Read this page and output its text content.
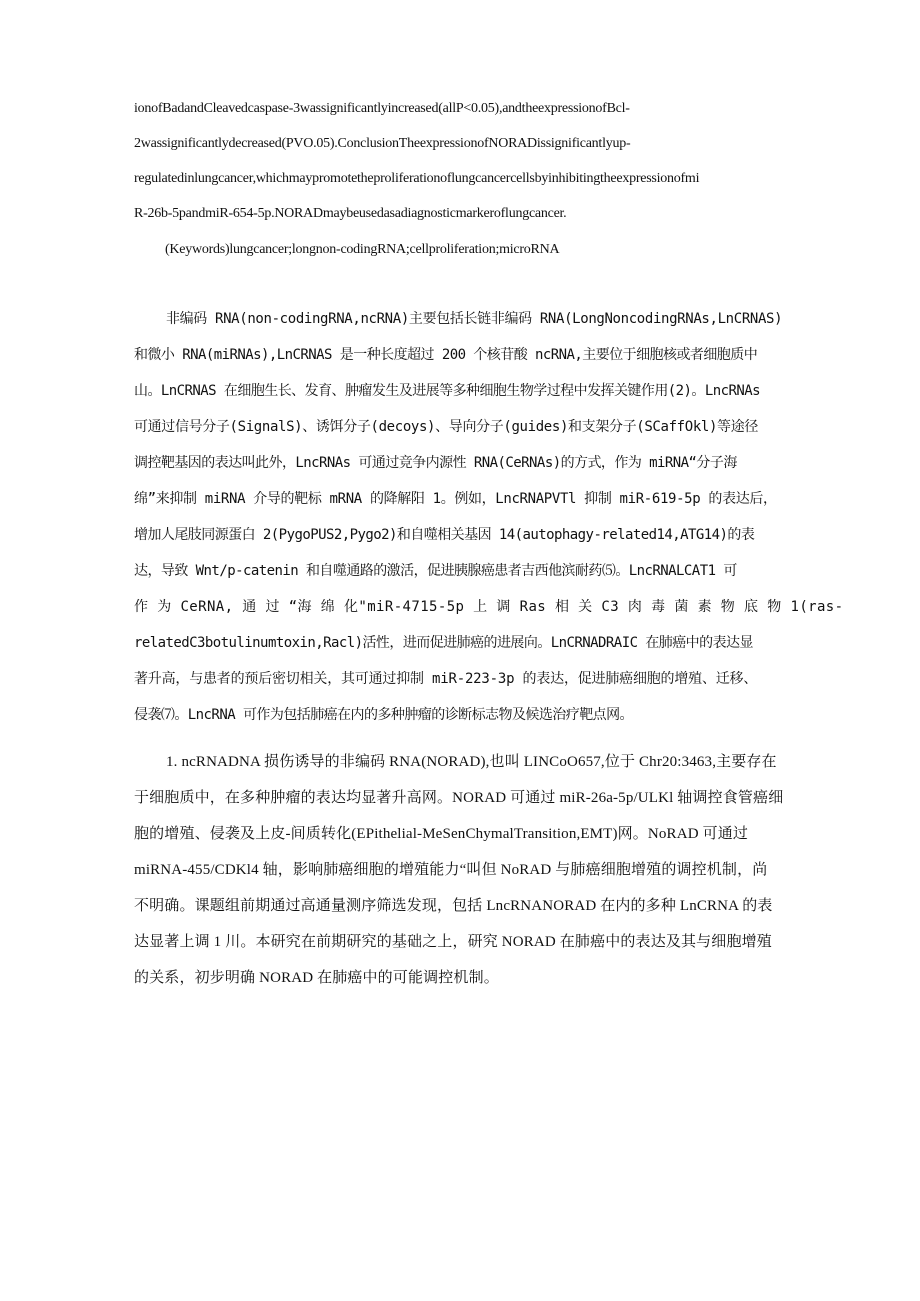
ionofBadandCleavedcaspase-3wassignificantlyincreased(allP<0.05),andtheexpressionofBcl-

2wassignificantlydecreased(PVO.05).ConclusionTheexpressionofNORADissignificantlyup-

regulatedinlungcancer,whichmaypromotetheproliferationoflungcancercellsbyinhibitingtheexpressionofmi

R-26b-5pandmiR-654-5p.NORADmaybeusedasadiagnosticmarkeroflungcancer.

(Keywords)lungcancer;longnon-codingRNA;cellproliferation;microRNA

非编码 RNA(non-codingRNA,ncRNA)主要包括长链非编码 RNA(LongNoncodingRNAs,LnCRNAS)

和微小 RNA(miRNAs),LnCRNAS 是一种长度超过 200 个核苷酸 ncRNA,主要位于细胞核或者细胞质中

山。LnCRNAS 在细胞生长、发育、肿瘤发生及进展等多种细胞生物学过程中发挥关键作用(2)。LncRNAs

可通过信号分子(SignalS)、诱饵分子(decoys)、导向分子(guides)和支架分子(SCaffOkl)等途径

调控靶基因的表达叫此外，LncRNAs 可通过竞争内源性 RNA(CeRNAs)的方式，作为 miRNA“分子海

绵”来抑制 miRNA 介导的靶标 mRNA 的降解阳 1。例如，LncRNAPVTl 抑制 miR-619-5p 的表达后，

增加人尾肢同源蛋白 2(PygoPUS2,Pygo2)和自噬相关基因 14(autophagy-related14,ATG14)的表

达，导致 Wnt/p-catenin 和自噬通路的激活，促进胰腺癌患者吉西他滨耐药⑸。LncRNALCAT1 可

作 为 CeRNA, 通 过 “海 绵 化"miR-4715-5p 上 调 Ras 相 关 C3 肉 毒 菌 素 物 底 物 1(ras-

relatedC3botulinumtoxin,Racl)活性，进而促进肺癌的进展向。LnCRNADRAIC 在肺癌中的表达显

著升高，与患者的预后密切相关，其可通过抑制 miR-223-3p 的表达，促进肺癌细胞的增殖、迁移、

侵袭⑺。LncRNA 可作为包括肺癌在内的多种肿瘤的诊断标志物及候选治疗靶点网。

1. ncRNADNA 损伤诱导的非编码 RNA(NORAD),也叫 LINCoO657,位于 Chr20:3463,主要存在

于细胞质中，在多种肿瘤的表达均显著升高网。NORAD 可通过 miR-26a-5p/ULKl 轴调控食管癌细

胞的增殖、侵袭及上皮-间质转化(EPithelial-MeSenChymalTransition,EMT)网。NoRAD 可通过

miRNA-455/CDKl4 轴，影响肺癌细胞的增殖能力“叫但 NoRAD 与肺癌细胞增殖的调控机制，尚

不明确。课题组前期通过高通量测序筛选发现，包括 LncRNANORAD 在内的多种 LnCRNA 的表

达显著上调 1 川。本研究在前期研究的基础之上，研究 NORAD 在肺癌中的表达及其与细胞增殖

的关系，初步明确 NORAD 在肺癌中的可能调控机制。
